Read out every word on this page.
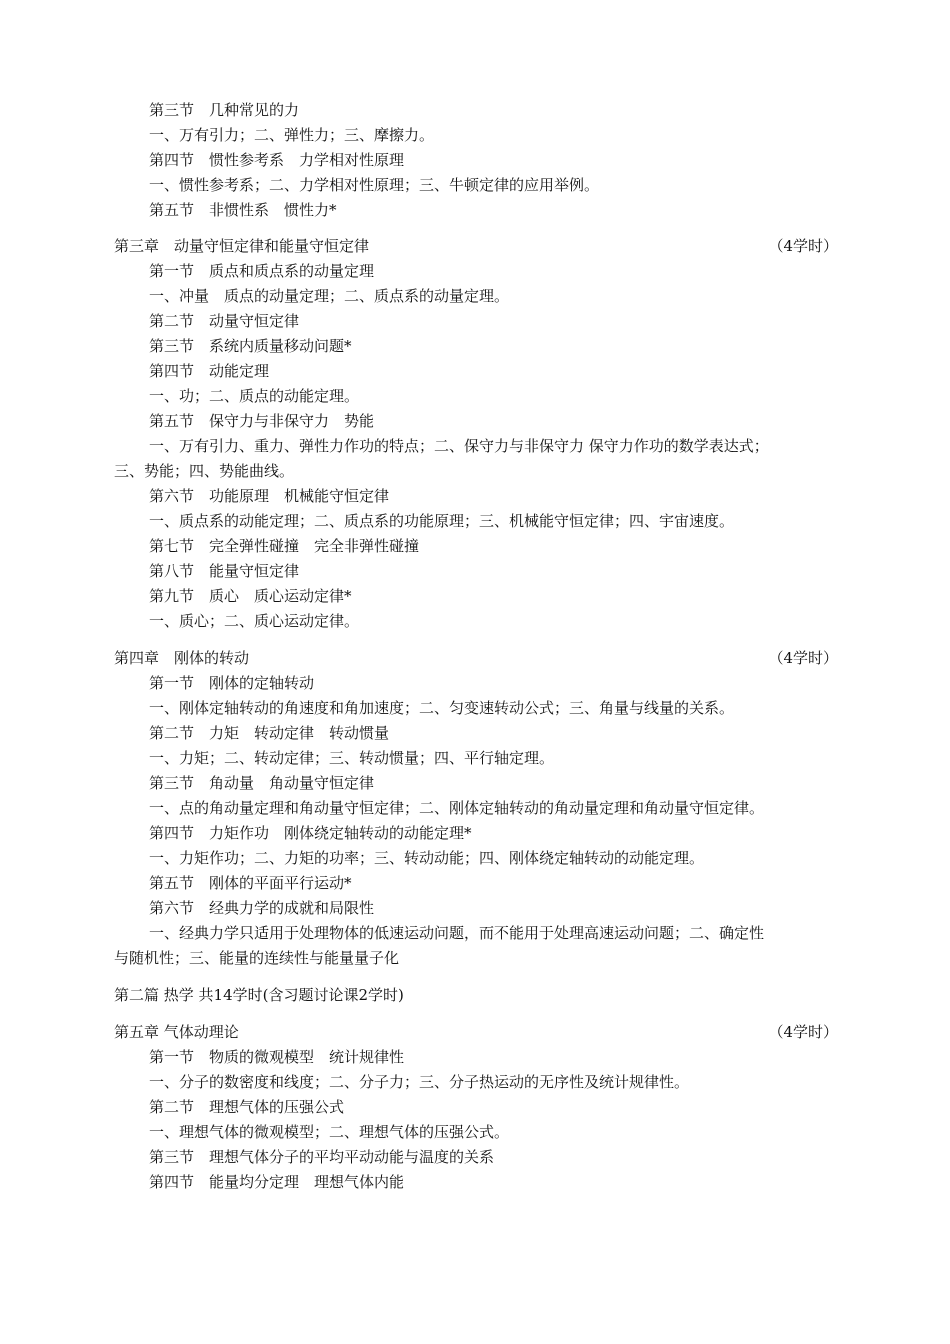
第三节　几种常见的力
一、万有引力；二、弹性力；三、摩擦力。
第四节　惯性参考系　力学相对性原理
一、惯性参考系；二、力学相对性原理；三、牛顿定律的应用举例。
第五节　非惯性系　惯性力*
第三章　动量守恒定律和能量守恒定律	（4学时）
第一节　质点和质点系的动量定理
一、冲量　质点的动量定理；二、质点系的动量定理。
第二节　动量守恒定律
第三节　系统内质量移动问题*
第四节　动能定理
一、功；二、质点的动能定理。
第五节　保守力与非保守力　势能
一、万有引力、重力、弹性力作功的特点；二、保守力与非保守力 保守力作功的数学表达式；
三、势能；四、势能曲线。
第六节　功能原理　机械能守恒定律
一、质点系的动能定理；二、质点系的功能原理；三、机械能守恒定律；四、宇宙速度。
第七节　完全弹性碰撞　完全非弹性碰撞
第八节　能量守恒定律
第九节　质心　质心运动定律*
一、质心；二、质心运动定律。
第四章　刚体的转动	（4学时）
第一节　刚体的定轴转动
一、刚体定轴转动的角速度和角加速度；二、匀变速转动公式；三、角量与线量的关系。
第二节　力矩　转动定律　转动惯量
一、力矩；二、转动定律；三、转动惯量；四、平行轴定理。
第三节　角动量　角动量守恒定律
一、点的角动量定理和角动量守恒定律；二、刚体定轴转动的角动量定理和角动量守恒定律。
第四节　力矩作功　刚体绕定轴转动的动能定理*
一、力矩作功；二、力矩的功率；三、转动动能；四、刚体绕定轴转动的动能定理。
第五节　刚体的平面平行运动*
第六节　经典力学的成就和局限性
一、经典力学只适用于处理物体的低速运动问题，而不能用于处理高速运动问题；二、确定性
与随机性；三、能量的连续性与能量量子化
第二篇 热学 共14学时(含习题讨论课2学时)
第五章 气体动理论	（4学时）
第一节　物质的微观模型　统计规律性
一、分子的数密度和线度；二、分子力；三、分子热运动的无序性及统计规律性。
第二节　理想气体的压强公式
一、理想气体的微观模型；二、理想气体的压强公式。
第三节　理想气体分子的平均平动动能与温度的关系
第四节　能量均分定理　理想气体内能
